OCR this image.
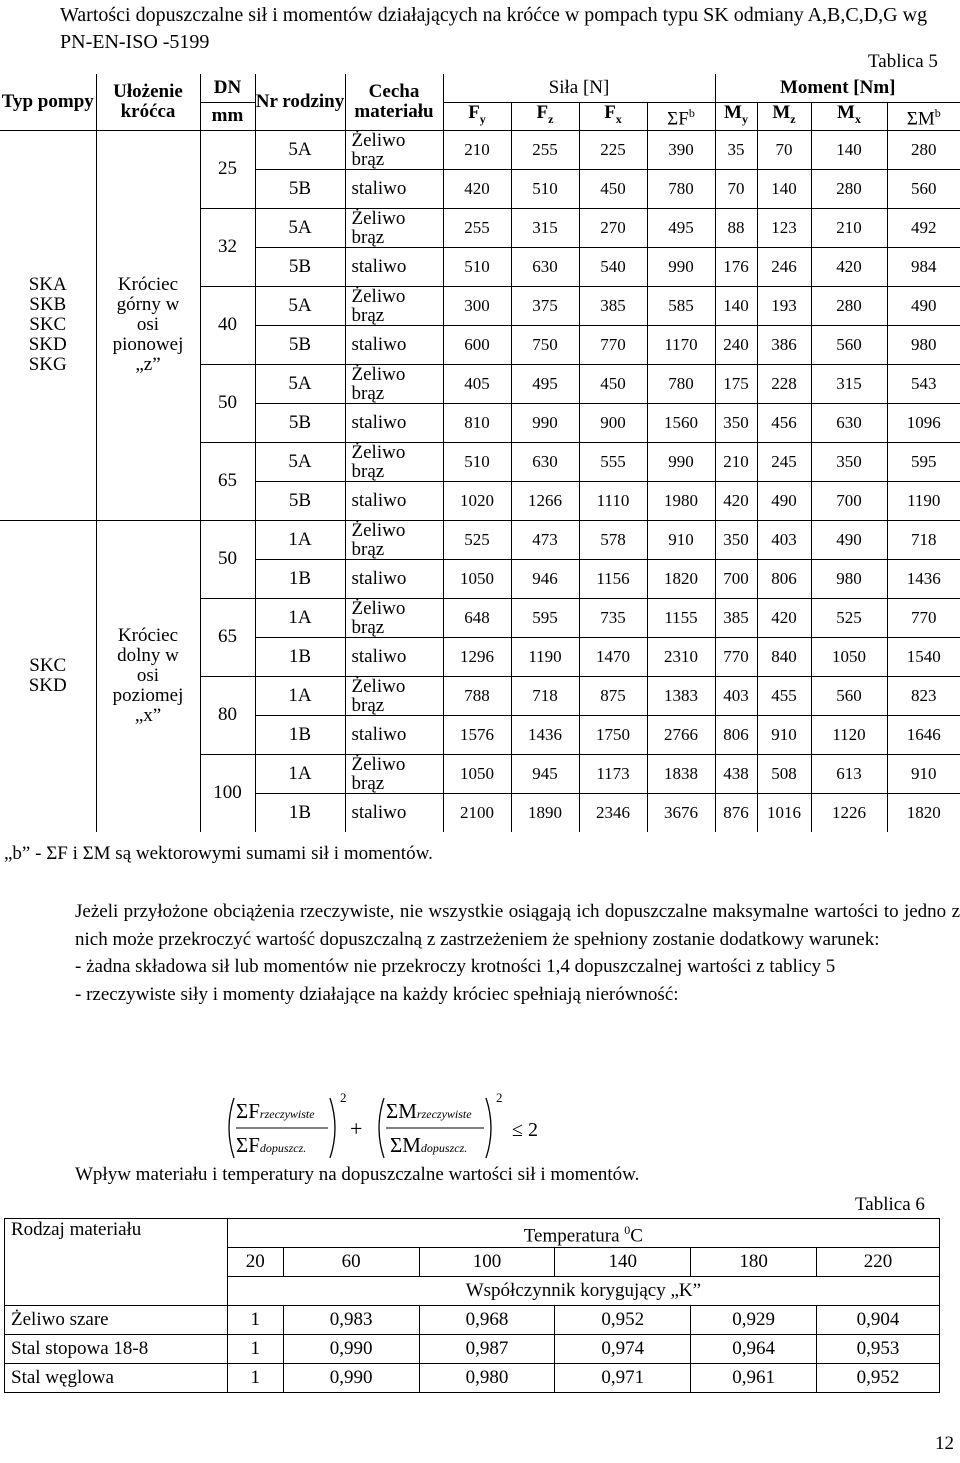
Wartości dopuszczalne sił i momentów działających na króćce w pompach typu SK odmiany A,B,C,D,G wg PN-EN-ISO -5199
Tablica 5
Typ pompy	Ułożenie króćca	DN	Nr rodziny	Cecha materiału	Siła [N]				Moment [Nm]			
		mm			$F_y$	$F_z$	$F_x$	$\Sigma F^b$	$M_y$	$M_z$	$M_x$	$\Sigma M^b$
SKA SKB SKC SKD SKG	Króciec górny w osi pionowej „z”	25	5A	Żeliwo brąz	210	255	225	390	35	70	140	280
			5B	staliwo	420	510	450	780	70	140	280	560
		32	5A	Żeliwo brąz	255	315	270	495	88	123	210	492
			5B	staliwo	510	630	540	990	176	246	420	984
		40	5A	Żeliwo brąz	300	375	385	585	140	193	280	490
			5B	staliwo	600	750	770	1170	240	386	560	980
		50	5A	Żeliwo brąz	405	495	450	780	175	228	315	543
			5B	staliwo	810	990	900	1560	350	456	630	1096
		65	5A	Żeliwo brąz	510	630	555	990	210	245	350	595
			5B	staliwo	1020	1266	1110	1980	420	490	700	1190
SKC SKD	Króciec dolny w osi poziomej „x”	50	1A	Żeliwo brąz	525	473	578	910	350	403	490	718
			1B	staliwo	1050	946	1156	1820	700	806	980	1436
		65	1A	Żeliwo brąz	648	595	735	1155	385	420	525	770
			1B	staliwo	1296	1190	1470	2310	770	840	1050	1540
		80	1A	Żeliwo brąz	788	718	875	1383	403	455	560	823
			1B	staliwo	1576	1436	1750	2766	806	910	1120	1646
		100	1A	Żeliwo brąz	1050	945	1173	1838	438	508	613	910
			1B	staliwo	2100	1890	2346	3676	876	1016	1226	1820
„b” - ΣF i ΣM są wektorowymi sumami sił i momentów.

Jeżeli przyłożone obciążenia rzeczywiste, nie wszystkie osiągają ich dopuszczalne maksymalne wartości to jedno z nich może przekroczyć wartość dopuszczalną z zastrzeżeniem że spełniony zostanie dodatkowy warunek:

- żadna składowa sił lub momentów nie przekroczy krotności 1,4 dopuszczalnej wartości z tablicy 5

- rzeczywiste siły i momenty działające na każdy króciec spełniają nierówność:

ΣFrzeczywiste
ΣFdopuszcz.
2
+
ΣMrzeczywiste
ΣMdopuszcz.
2
≤ 2
Wpływ materiału i temperatury na dopuszczalne wartości sił i momentów.
Tablica 6
Rodzaj materiału	Temperatura $^0$C					
	20	60	100	140	180	220
	Współczynnik korygujący „K”					
Żeliwo szare	1	0,983	0,968	0,952	0,929	0,904
Stal stopowa 18-8	1	0,990	0,987	0,974	0,964	0,953
Stal węglowa	1	0,990	0,980	0,971	0,961	0,952
12
